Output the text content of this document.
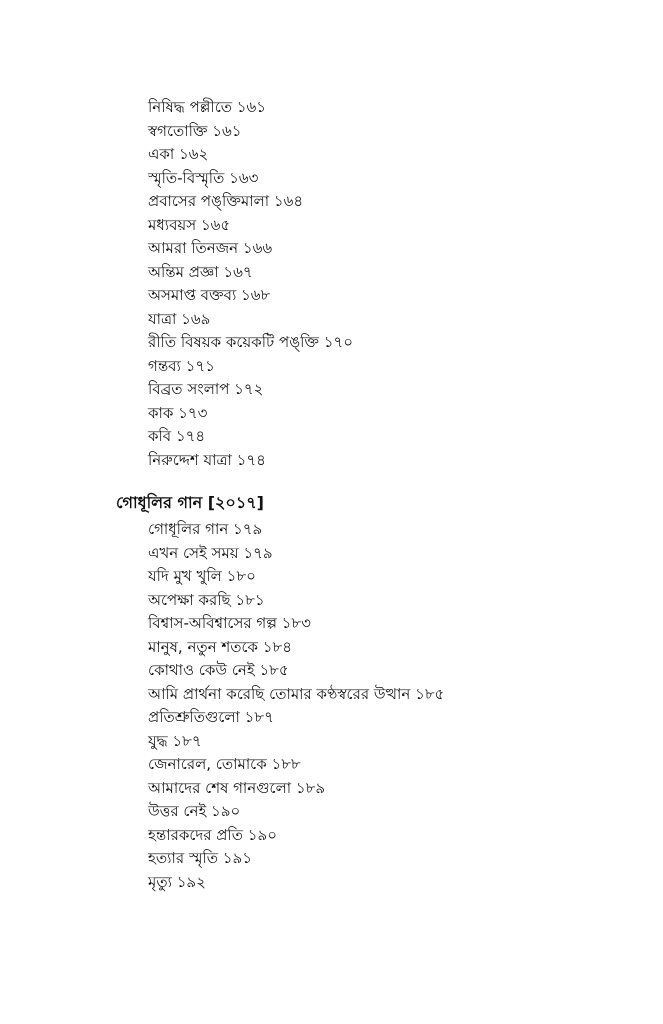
নিষিদ্ধ পল্লীতে ১৬১
স্বগতোক্তি ১৬১
একা ১৬২
স্মৃতি-বিস্মৃতি ১৬৩
প্রবাসের পঙ্‌ক্তিমালা ১৬৪
মধ্যবয়স ১৬৫
আমরা তিনজন ১৬৬
অন্তিম প্রজ্ঞা ১৬৭
অসমাপ্ত বক্তব্য ১৬৮
যাত্রা ১৬৯
রীতি বিষয়ক কয়েকটি পঙ্‌ক্তি ১৭০
গন্তব্য ১৭১
বিব্রত সংলাপ ১৭২
কাক ১৭৩
কবি ১৭৪
নিরুদ্দেশ যাত্রা ১৭৪
গোধূলির গান [২০১৭]
গোধূলির গান ১৭৯
এখন সেই সময় ১৭৯
যদি মুখ খুলি ১৮০
অপেক্ষা করছি ১৮১
বিশ্বাস-অবিশ্বাসের গল্প ১৮৩
মানুষ, নতুন শতকে ১৮৪
কোথাও কেউ নেই ১৮৫
আমি প্রার্থনা করেছি তোমার কণ্ঠস্বরের উত্থান ১৮৫
প্রতিশ্রুতিগুলো ১৮৭
যুদ্ধ ১৮৭
জেনারেল, তোমাকে ১৮৮
আমাদের শেষ গানগুলো ১৮৯
উত্তর নেই ১৯০
হন্তারকদের প্রতি ১৯০
হত্যার স্মৃতি ১৯১
মৃত্যু ১৯২
